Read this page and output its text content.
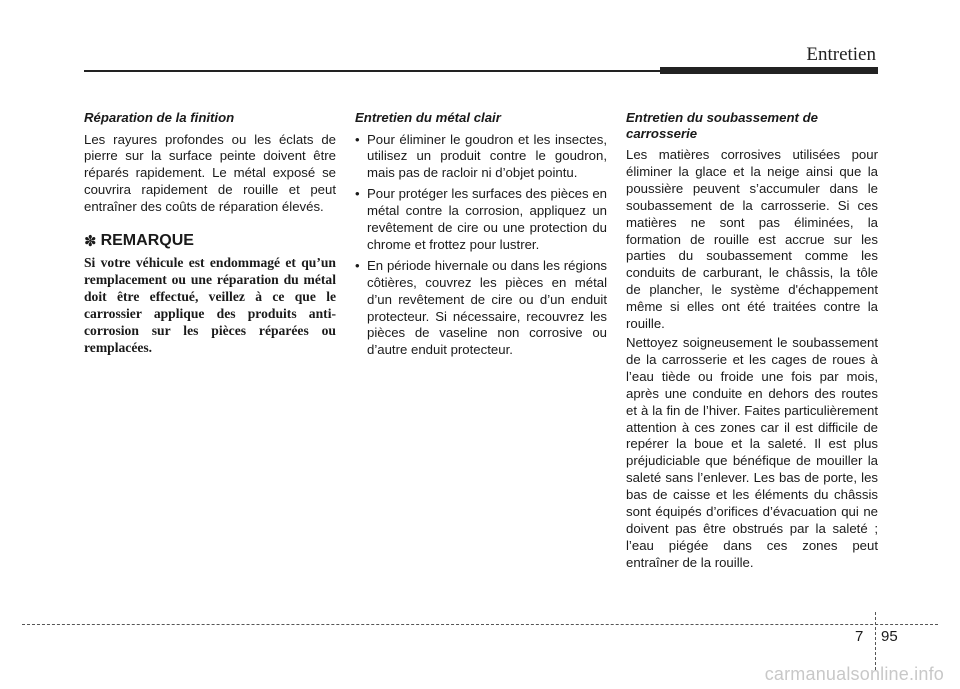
Entretien
Réparation de la finition

Les rayures profondes ou les éclats de pierre sur la surface peinte doivent être réparés rapidement. Le métal exposé se couvrira rapidement de rouille et peut entraîner des coûts de réparation élevés.

✽ REMARQUE

Si votre véhicule est endommagé et qu’un remplacement ou une réparation du métal doit être effectué, veillez à ce que le carrossier applique des produits anti-corrosion sur les pièces réparées ou remplacées.

Entretien du métal clair
• Pour éliminer le goudron et les insectes, utilisez un produit contre le goudron, mais pas de racloir ni d’objet pointu.
• Pour protéger les surfaces des pièces en métal contre la corrosion, appliquez un revêtement de cire ou une protection du chrome et frottez pour lustrer.
• En période hivernale ou dans les régions côtières, couvrez les pièces en métal d’un revêtement de cire ou d’un enduit protecteur. Si nécessaire, recouvrez les pièces de vaseline non corrosive ou d’autre enduit protecteur.
Entretien du soubassement de carrosserie

Les matières corrosives utilisées pour éliminer la glace et la neige ainsi que la poussière peuvent s’accumuler dans le soubassement de la carrosserie. Si ces matières ne sont pas éliminées, la formation de rouille est accrue sur les parties du soubassement comme les conduits de carburant, le châssis, la tôle de plancher, le système d'échappement même si elles ont été traitées contre la rouille.

Nettoyez soigneusement le soubassement de la carrosserie et les cages de roues à l’eau tiède ou froide une fois par mois, après une conduite en dehors des routes et à la fin de l’hiver. Faites particulièrement attention à ces zones car il est difficile de repérer la boue et la saleté. Il est plus préjudiciable que bénéfique de mouiller la saleté sans l’enlever. Les bas de porte, les bas de caisse et les éléments du châssis sont équipés d’orifices d’évacuation qui ne doivent pas être obstrués par la saleté ; l’eau piégée dans ces zones peut entraîner de la rouille.

7 95
carmanualsonline.info
